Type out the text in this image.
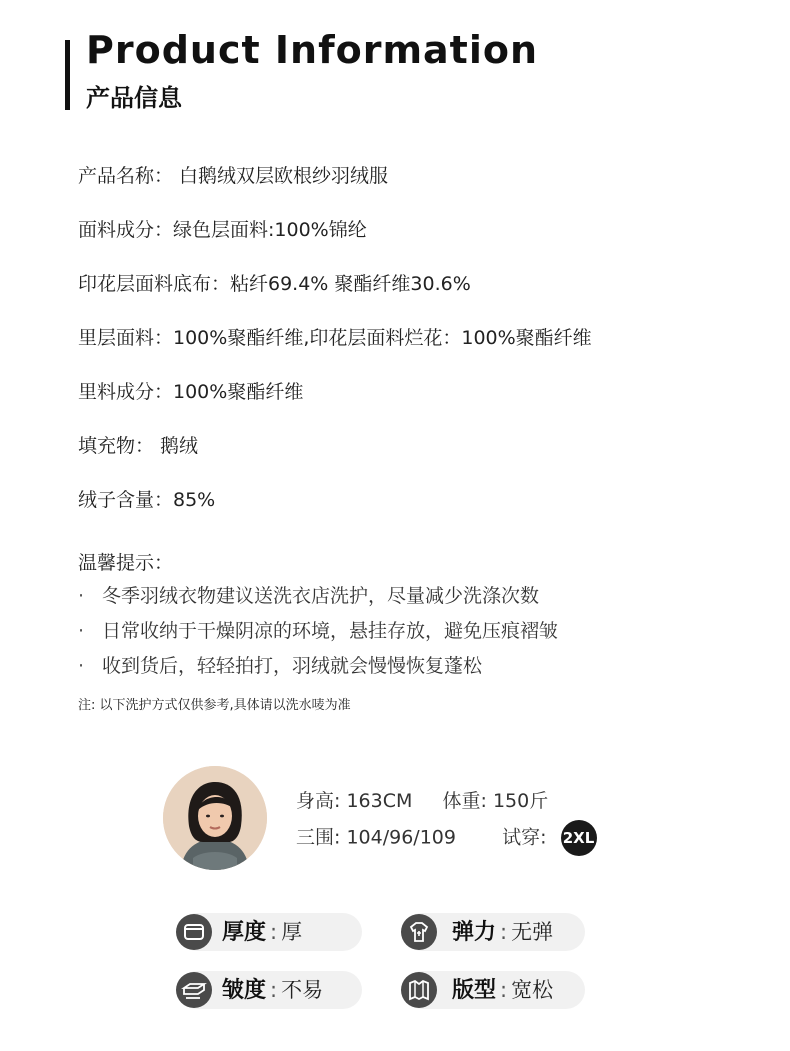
Product Information
产品信息
产品名称： 白鹅绒双层欧根纱羽绒服
面料成分：绿色层面料:100%锦纶
印花层面料底布：粘纤69.4% 聚酯纤维30.6%
里层面料：100%聚酯纤维,印花层面料烂花：100%聚酯纤维
里料成分：100%聚酯纤维
填充物： 鹅绒
绒子含量：85%
温馨提示：
· 冬季羽绒衣物建议送洗衣店洗护，尽量减少洗涤次数
· 日常收纳于干燥阴凉的环境，悬挂存放，避免压痕褶皱
· 收到货后，轻轻拍打，羽绒就会慢慢恢复蓬松
注: 以下洗护方式仅供参考,具体请以洗水唛为准
身高: 163CM 体重: 150斤
三围: 104/96/109 试穿: 2XL
厚度 : 厚	弹力 : 无弹
皱度 : 不易	版型 : 宽松
